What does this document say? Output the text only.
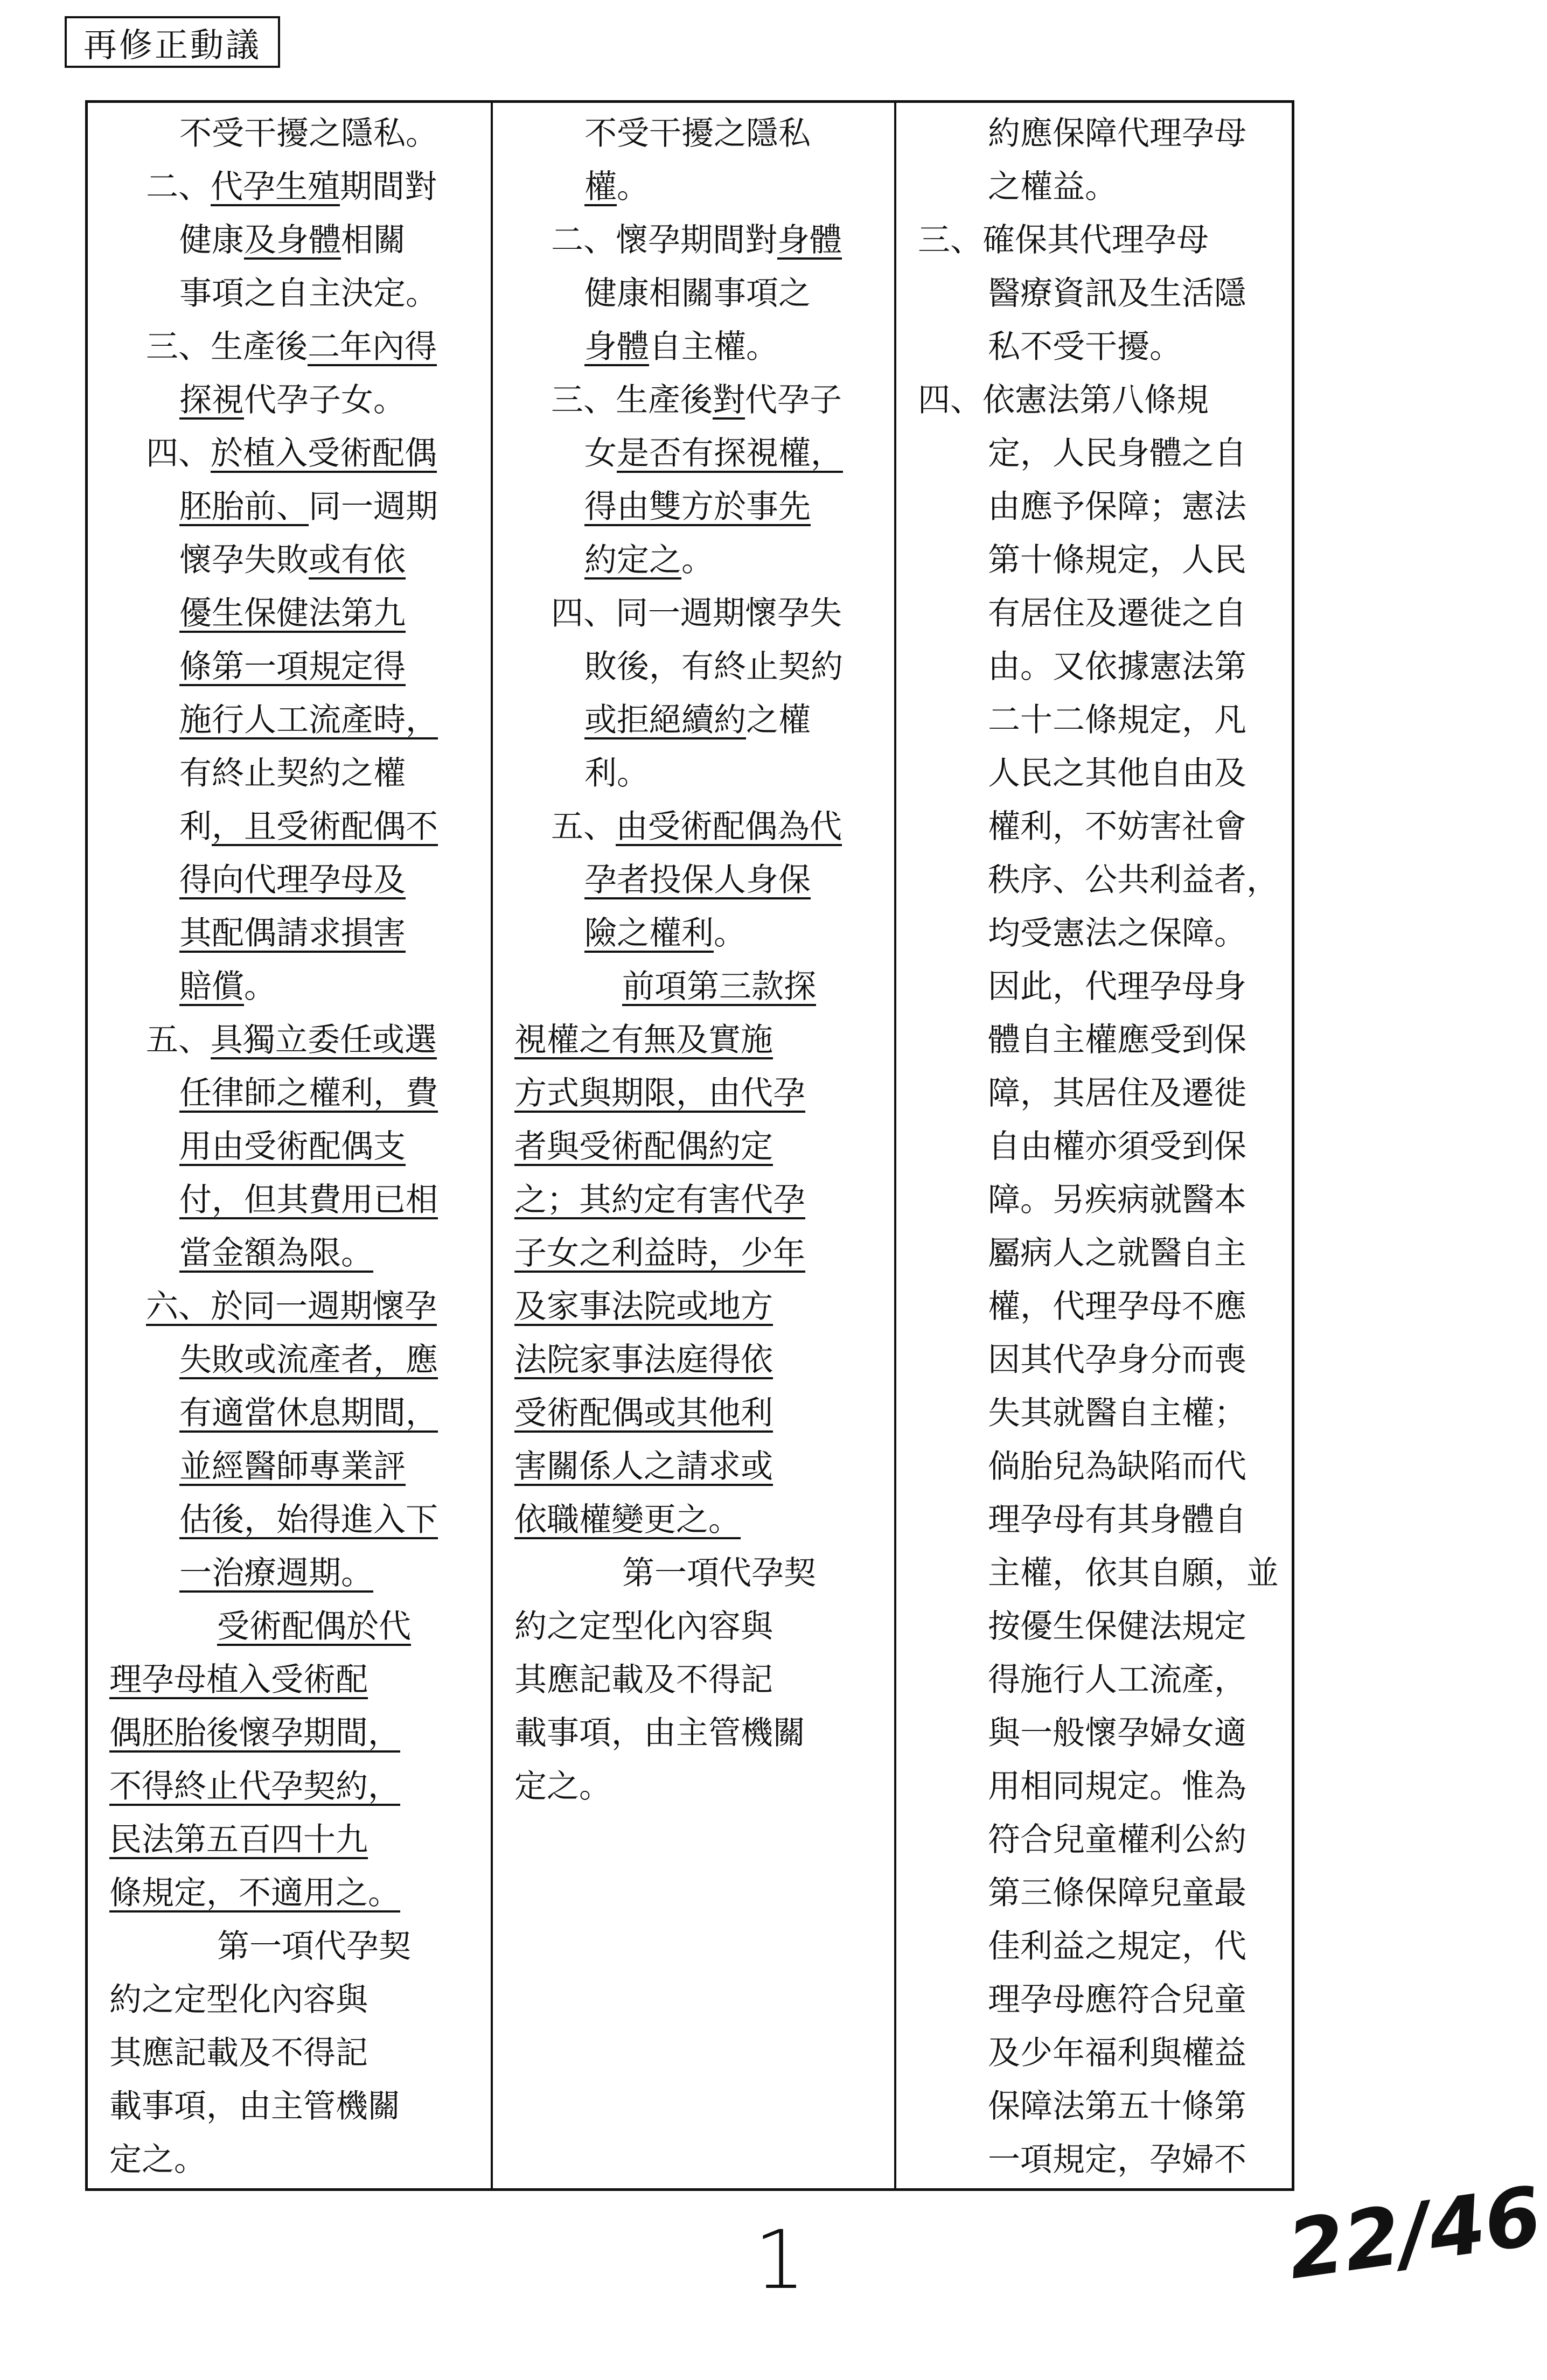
再修正動議
不受干擾之隱私。
二、代孕生殖期間對
健康及身體相關
事項之自主決定。
三、生產後二年內得
探視代孕子女。
四、於植入受術配偶
胚胎前、同一週期
懷孕失敗或有依
優生保健法第九
條第一項規定得
施行人工流產時，
有終止契約之權
利，且受術配偶不
得向代理孕母及
其配偶請求損害
賠償。
五、具獨立委任或選
任律師之權利，費
用由受術配偶支
付，但其費用已相
當金額為限。
六、於同一週期懷孕
失敗或流產者，應
有適當休息期間，
並經醫師專業評
估後，始得進入下
一治療週期。
受術配偶於代
理孕母植入受術配
偶胚胎後懷孕期間，
不得終止代孕契約，
民法第五百四十九
條規定，不適用之。
第一項代孕契
約之定型化內容與
其應記載及不得記
載事項，由主管機關
定之。
不受干擾之隱私
權。
二、懷孕期間對身體
健康相關事項之
身體自主權。
三、生產後對代孕子
女是否有探視權，
得由雙方於事先
約定之。
四、同一週期懷孕失
敗後，有終止契約
或拒絕續約之權
利。
五、由受術配偶為代
孕者投保人身保
險之權利。
前項第三款探
視權之有無及實施
方式與期限，由代孕
者與受術配偶約定
之；其約定有害代孕
子女之利益時，少年
及家事法院或地方
法院家事法庭得依
受術配偶或其他利
害關係人之請求或
依職權變更之。
第一項代孕契
約之定型化內容與
其應記載及不得記
載事項，由主管機關
定之。
約應保障代理孕母
之權益。
三、確保其代理孕母
醫療資訊及生活隱
私不受干擾。
四、依憲法第八條規
定，人民身體之自
由應予保障；憲法
第十條規定，人民
有居住及遷徙之自
由。又依據憲法第
二十二條規定，凡
人民之其他自由及
權利，不妨害社會
秩序、公共利益者，
均受憲法之保障。
因此，代理孕母身
體自主權應受到保
障，其居住及遷徙
自由權亦須受到保
障。另疾病就醫本
屬病人之就醫自主
權，代理孕母不應
因其代孕身分而喪
失其就醫自主權；
倘胎兒為缺陷而代
理孕母有其身體自
主權，依其自願，並
按優生保健法規定
得施行人工流產，
與一般懷孕婦女適
用相同規定。惟為
符合兒童權利公約
第三條保障兒童最
佳利益之規定，代
理孕母應符合兒童
及少年福利與權益
保障法第五十條第
一項規定，孕婦不
1	22/46
